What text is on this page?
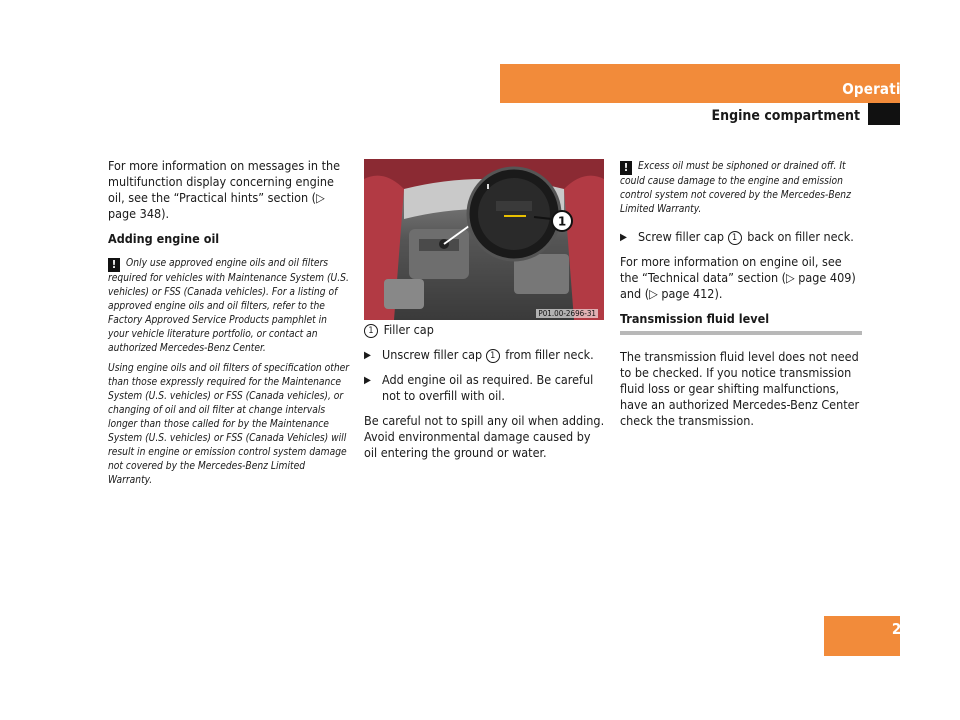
Operation
Engine compartment
277

For more information on messages in the multifunction display concerning engine oil, see the “Practical hints” section (▷ page 348).

Adding engine oil

! Only use approved engine oils and oil filters required for vehicles with Maintenance System (U.S. vehicles) or FSS (Canada vehicles). For a listing of approved engine oils and oil filters, refer to the Factory Approved Service Products pamphlet in your vehicle literature portfolio, or contact an authorized Mercedes-Benz Center.

Using engine oils and oil filters of specification other than those expressly required for the Maintenance System (U.S. vehicles) or FSS (Canada vehicles), or changing of oil and oil filter at change intervals longer than those called for by the Maintenance System (U.S. vehicles) or FSS (Canada Vehicles) will result in engine or emission control system damage not covered by the Mercedes-Benz Limited Warranty.

1
P01.00-2696-31

1 Filler cap

▶ Unscrew filler cap 1 from filler neck.
▶ Add engine oil as required. Be careful not to overfill with oil.

Be careful not to spill any oil when adding. Avoid environmental damage caused by oil entering the ground or water.

! Excess oil must be siphoned or drained off. It could cause damage to the engine and emission control system not covered by the Mercedes-Benz Limited Warranty.

▶ Screw filler cap 1 back on filler neck.

For more information on engine oil, see the “Technical data” section (▷ page 409) and (▷ page 412).

Transmission fluid level

The transmission fluid level does not need to be checked. If you notice transmission fluid loss or gear shifting malfunctions, have an authorized Mercedes-Benz Center check the transmission.
